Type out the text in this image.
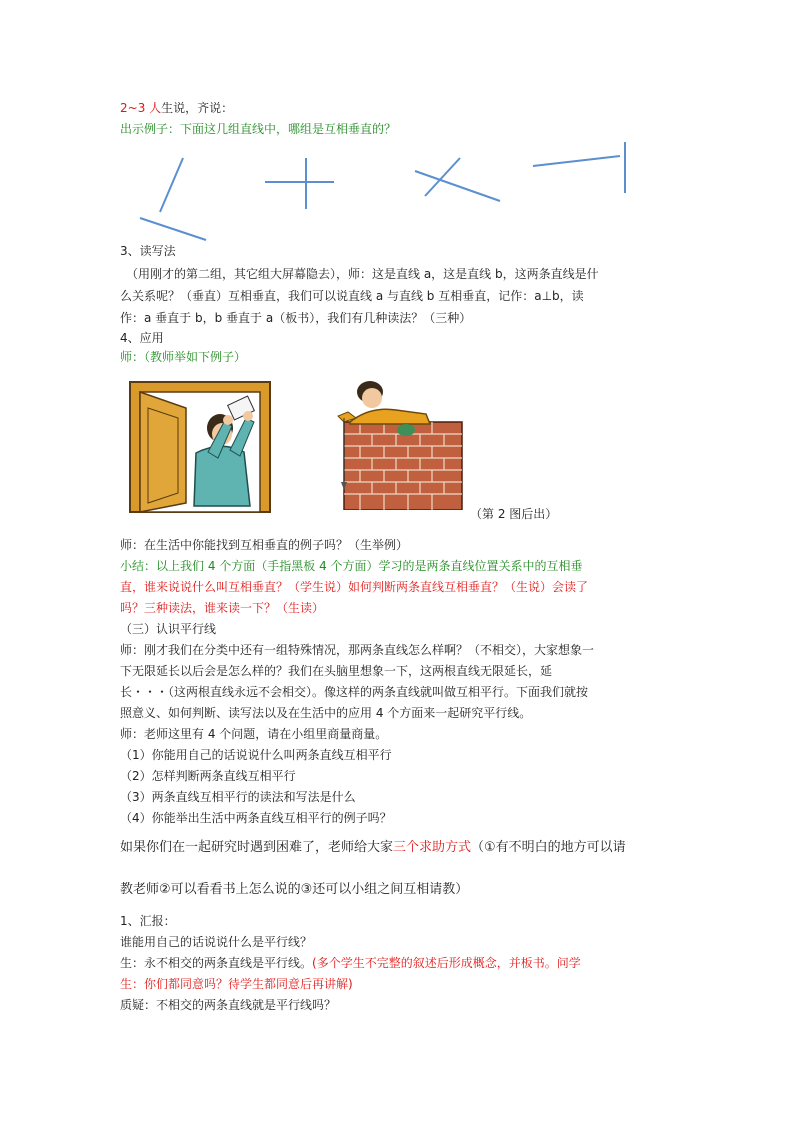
2~3 人生说，齐说：
出示例子：下面这几组直线中，哪组是互相垂直的？
3、读写法
（用刚才的第二组，其它组大屏幕隐去），师：这是直线 a，这是直线 b，这两条直线是什
么关系呢？（垂直）互相垂直，我们可以说直线 a 与直线 b 互相垂直，记作：a⊥b，读
作：a 垂直于 b，b 垂直于 a（板书），我们有几种读法？（三种）
4、应用
师：（教师举如下例子）
（第 2 图后出）
师：在生活中你能找到互相垂直的例子吗？（生举例）
小结：以上我们 4 个方面（手指黑板 4 个方面）学习的是两条直线位置关系中的互相垂
直，谁来说说什么叫互相垂直？（学生说）如何判断两条直线互相垂直？（生说）会读了
吗？三种读法，谁来读一下？（生读）
（三）认识平行线
师：刚才我们在分类中还有一组特殊情况，那两条直线怎么样啊？（不相交），大家想象一
下无限延长以后会是怎么样的？我们在头脑里想象一下，这两根直线无限延长，延
长・・・（这两根直线永远不会相交）。像这样的两条直线就叫做互相平行。下面我们就按
照意义、如何判断、读写法以及在生活中的应用 4 个方面来一起研究平行线。
师：老师这里有 4 个问题，请在小组里商量商量。
（1）你能用自己的话说说什么叫两条直线互相平行
（2）怎样判断两条直线互相平行
（3）两条直线互相平行的读法和写法是什么
（4）你能举出生活中两条直线互相平行的例子吗？
如果你们在一起研究时遇到困难了，老师给大家三个求助方式（①有不明白的地方可以请
教老师②可以看看书上怎么说的③还可以小组之间互相请教）
1、汇报：
谁能用自己的话说说什么是平行线？
生：永不相交的两条直线是平行线。(多个学生不完整的叙述后形成概念，并板书。问学
生：你们都同意吗？待学生都同意后再讲解)
质疑：不相交的两条直线就是平行线吗？
